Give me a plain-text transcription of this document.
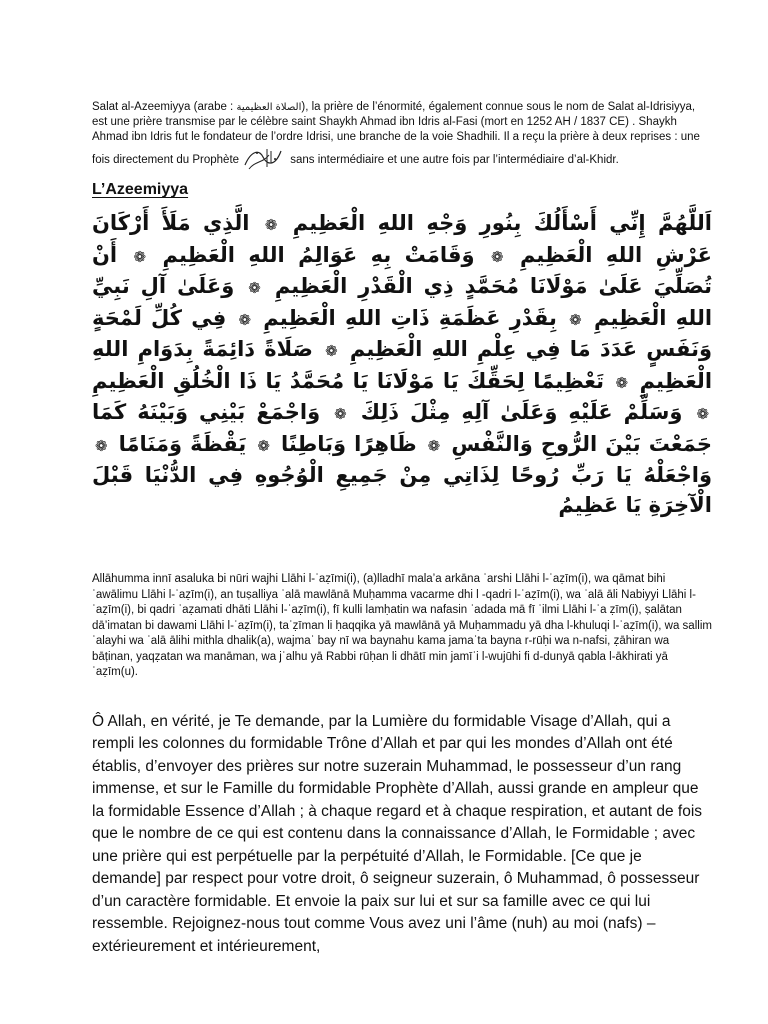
Salat al-Azeemiyya (arabe : الصلاة العظيمية), la prière de l’énormité, également connue sous le nom de Salat al-Idrisiyya, est une prière transmise par le célèbre saint Shaykh Ahmad ibn Idris al-Fasi (mort en 1252 AH / 1837 CE) . Shaykh Ahmad ibn Idris fut le fondateur de l’ordre Idrisi, une branche de la voie Shadhili. Il a reçu la prière à deux reprises : une fois directement du Prophète	sans intermédiaire et une autre fois par l’intermédiaire d’al-Khidr.

L’Azeemiyya

اَللَّهُمَّ إِنِّي أَسْأَلُكَ بِنُورِ وَجْهِ اللهِ الْعَظِيمِ ❁ الَّذِي مَلَأَ أَرْكَانَ عَرْشِ اللهِ الْعَظِيمِ ❁ وَقَامَتْ بِهِ عَوَالِمُ اللهِ الْعَظِيمِ ❁ أَنْ تُصَلِّيَ عَلَىٰ مَوْلَانَا مُحَمَّدٍ ذِي الْقَدْرِ الْعَظِيمِ ❁ وَعَلَىٰ آلِ نَبِيِّ اللهِ الْعَظِيمِ ❁ بِقَدْرِ عَظَمَةِ ذَاتِ اللهِ الْعَظِيمِ ❁ فِي كُلِّ لَمْحَةٍ وَنَفَسٍ عَدَدَ مَا فِي عِلْمِ اللهِ الْعَظِيمِ ❁ صَلَاةً دَائِمَةً بِدَوَامِ اللهِ الْعَظِيمِ ❁ تَعْظِيمًا لِحَقِّكَ يَا مَوْلَانَا يَا مُحَمَّدُ يَا ذَا الْخُلُقِ الْعَظِيمِ ❁ وَسَلِّمْ عَلَيْهِ وَعَلَىٰ آلِهِ مِثْلَ ذَلِكَ ❁ وَاجْمَعْ بَيْنِي وَبَيْنَهُ كَمَا جَمَعْتَ بَيْنَ الرُّوحِ وَالنَّفْسِ ❁ ظَاهِرًا وَبَاطِنًا ❁ يَقْظَةً وَمَنَامًا ❁ وَاجْعَلْهُ يَا رَبِّ رُوحًا لِذَاتِي مِنْ جَمِيعِ الْوُجُوهِ فِي الدُّنْيَا قَبْلَ الْآخِرَةِ يَا عَظِيمُ

Allāhumma innī asaluka bi nūri wajhi Llāhi l-ʿaẓīmi(i), (a)lladhī mala’a arkāna ʿarshi Llāhi l-ʿaẓīm(i), wa qāmat bihi ʿawālimu Llāhi l-ʿaẓīm(i), an tuṣalliya ʿalā mawlānā Muḥamma vacarme dhi l -qadri l-ʿaẓīm(i), wa ʿalā āli Nabiyyi Llāhi l-ʿaẓīm(i), bi qadri ʿaẓamati dhāti Llāhi l-ʿaẓīm(i), fī kulli lamḥatin wa nafasin ʿadada mā fī ʿilmi Llāhi l-ʿa ẓīm(i), ṣalātan dā’imatan bi dawami Llāhi l-ʿaẓīm(i), taʿẓīman li ḥaqqika yā mawlānā yā Muḥammadu yā dha l-khuluqi l-ʿaẓīm(i), wa sallim ʿalayhi wa ʿalā ālihi mithla dhalik(a), wajmaʿ bay nī wa baynahu kama jamaʿta bayna r-rūḥi wa n-nafsi, ẓāhiran wa bāṭinan, yaqẓatan wa manāman, wa jʿalhu yā Rabbi rūḥan li dhātī min jamīʿi l-wujūhi fi d-dunyā qabla l-ākhirati yā ʿaẓīm(u).

Ô Allah, en vérité, je Te demande, par la Lumière du formidable Visage d’Allah, qui a rempli les colonnes du formidable Trône d’Allah et par qui les mondes d’Allah ont été établis, d’envoyer des prières sur notre suzerain Muhammad, le possesseur d’un rang immense, et sur le Famille du formidable Prophète d’Allah, aussi grande en ampleur que la formidable Essence d’Allah ; à chaque regard et à chaque respiration, et autant de fois que le nombre de ce qui est contenu dans la connaissance d’Allah, le Formidable ; avec une prière qui est perpétuelle par la perpétuité d’Allah, le Formidable. [Ce que je demande] par respect pour votre droit, ô seigneur suzerain, ô Muhammad, ô possesseur d’un caractère formidable. Et envoie la paix sur lui et sur sa famille avec ce qui lui ressemble. Rejoignez-nous tout comme Vous avez uni l’âme (nuh) au moi (nafs) – extérieurement et intérieurement,
